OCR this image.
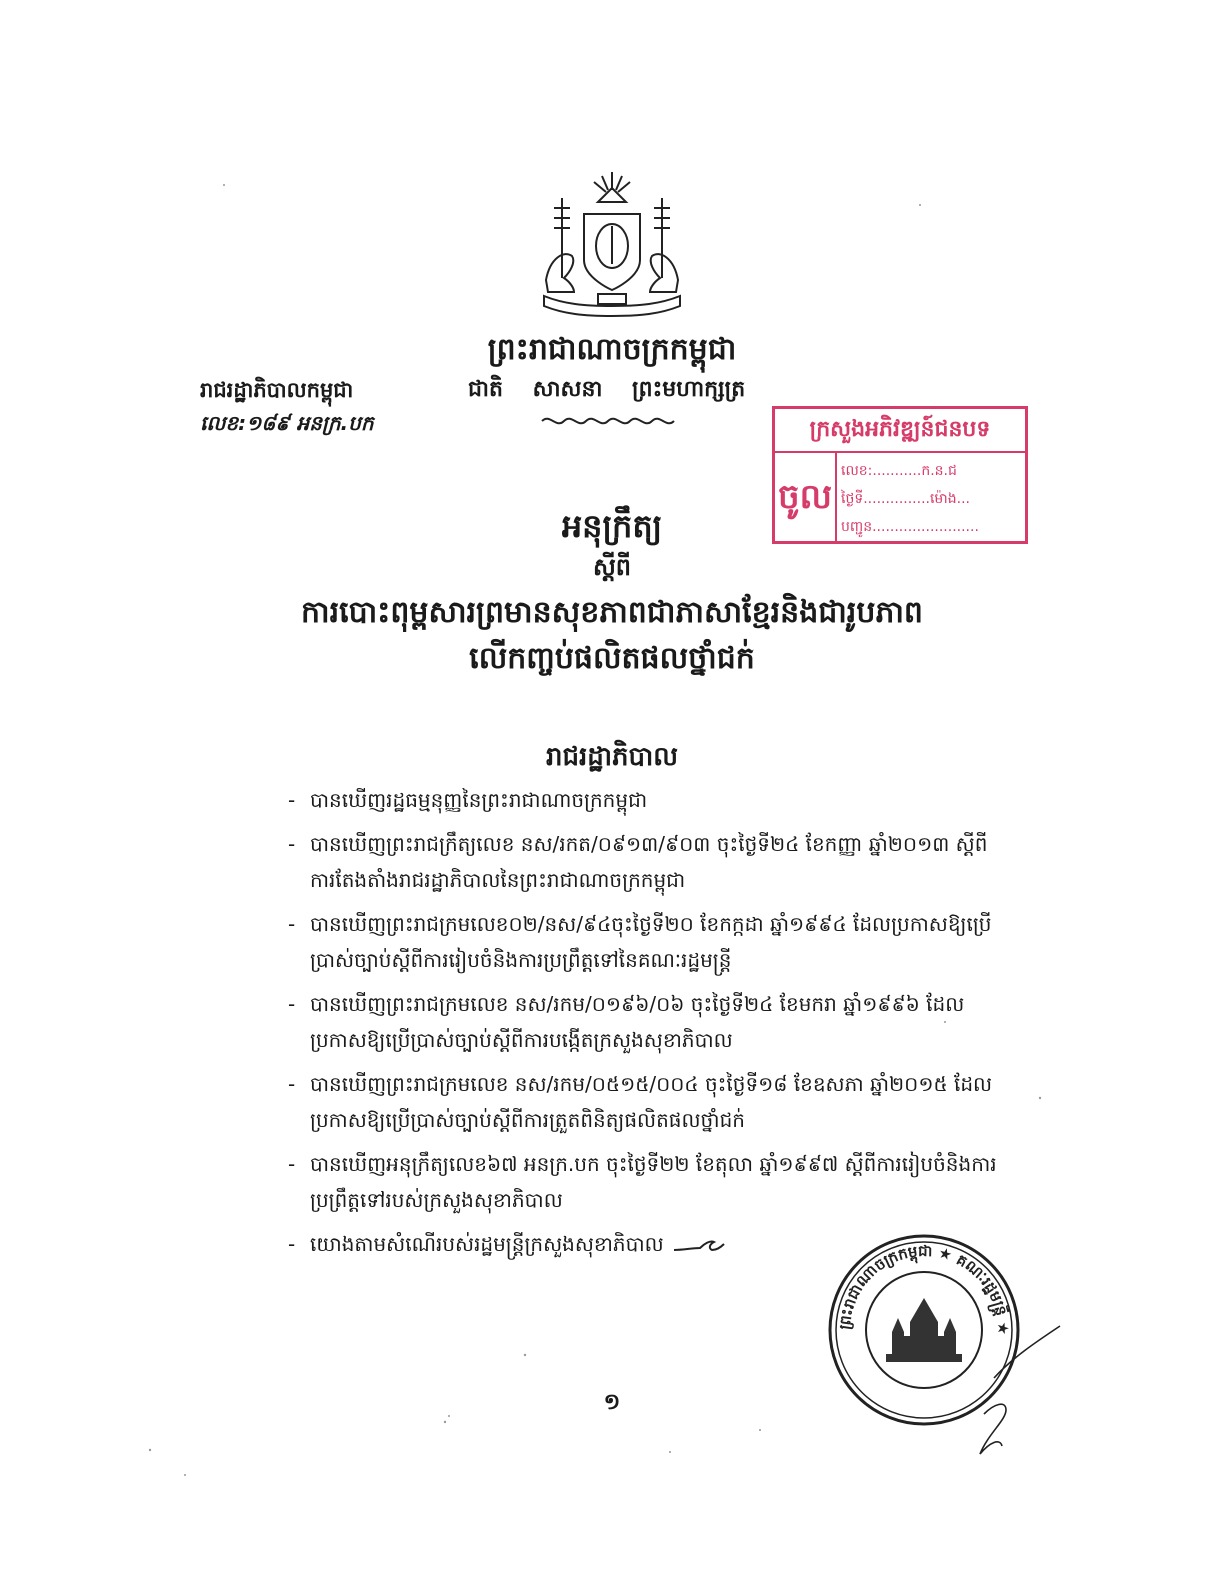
ព្រះរាជាណាចក្រកម្ពុជា
ជាតិ សាសនា ព្រះមហាក្សត្រ
រាជរដ្ឋាភិបាលកម្ពុជា
លេខ:១៨៩ អនក្រ.បក	ក្រសួងអភិវឌ្ឍន៍ជនបទ
ចូល
លេខ:...........ក.ន.ជ
ថ្ងៃទី...............ម៉ោង...
បញ្ជូន........................
អនុក្រឹត្យ
ស្តីពី
ការបោះពុម្ពសារព្រមានសុខភាពជាភាសាខ្មែរនិងជារូបភាព
លើកញ្ចប់ផលិតផលថ្នាំជក់
រាជរដ្ឋាភិបាល
- បានឃើញរដ្ឋធម្មនុញ្ញនៃព្រះរាជាណាចក្រកម្ពុជា
- បានឃើញព្រះរាជក្រឹត្យលេខ នស/រកត/០៩១៣/៩០៣ ចុះថ្ងៃទី២៤ ខែកញ្ញា ឆ្នាំ២០១៣ ស្តីពីការតែងតាំងរាជរដ្ឋាភិបាលនៃព្រះរាជាណាចក្រកម្ពុជា
- បានឃើញព្រះរាជក្រមលេខ០២/នស/៩៤ចុះថ្ងៃទី២០ ខែកក្កដា ឆ្នាំ១៩៩៤ ដែលប្រកាសឱ្យប្រើប្រាស់ច្បាប់ស្តីពីការរៀបចំនិងការប្រព្រឹត្តទៅនៃគណៈរដ្ឋមន្ត្រី
- បានឃើញព្រះរាជក្រមលេខ នស/រកម/០១៩៦/០៦ ចុះថ្ងៃទី២៤ ខែមករា ឆ្នាំ១៩៩៦ ដែលប្រកាសឱ្យប្រើប្រាស់ច្បាប់ស្តីពីការបង្កើតក្រសួងសុខាភិបាល
- បានឃើញព្រះរាជក្រមលេខ នស/រកម/០៥១៥/០០៤ ចុះថ្ងៃទី១៨ ខែឧសភា ឆ្នាំ២០១៥ ដែលប្រកាសឱ្យប្រើប្រាស់ច្បាប់ស្តីពីការត្រួតពិនិត្យផលិតផលថ្នាំជក់
- បានឃើញអនុក្រឹត្យលេខ៦៧ អនក្រ.បក ចុះថ្ងៃទី២២ ខែតុលា ឆ្នាំ១៩៩៧ ស្តីពីការរៀបចំនិងការប្រព្រឹត្តទៅរបស់ក្រសួងសុខាភិបាល
- យោងតាមសំណើរបស់រដ្ឋមន្ត្រីក្រសួងសុខាភិបាល
១
ព្រះរាជាណាចក្រកម្ពុជា ★ គណៈរដ្ឋមន្ត្រី ★
